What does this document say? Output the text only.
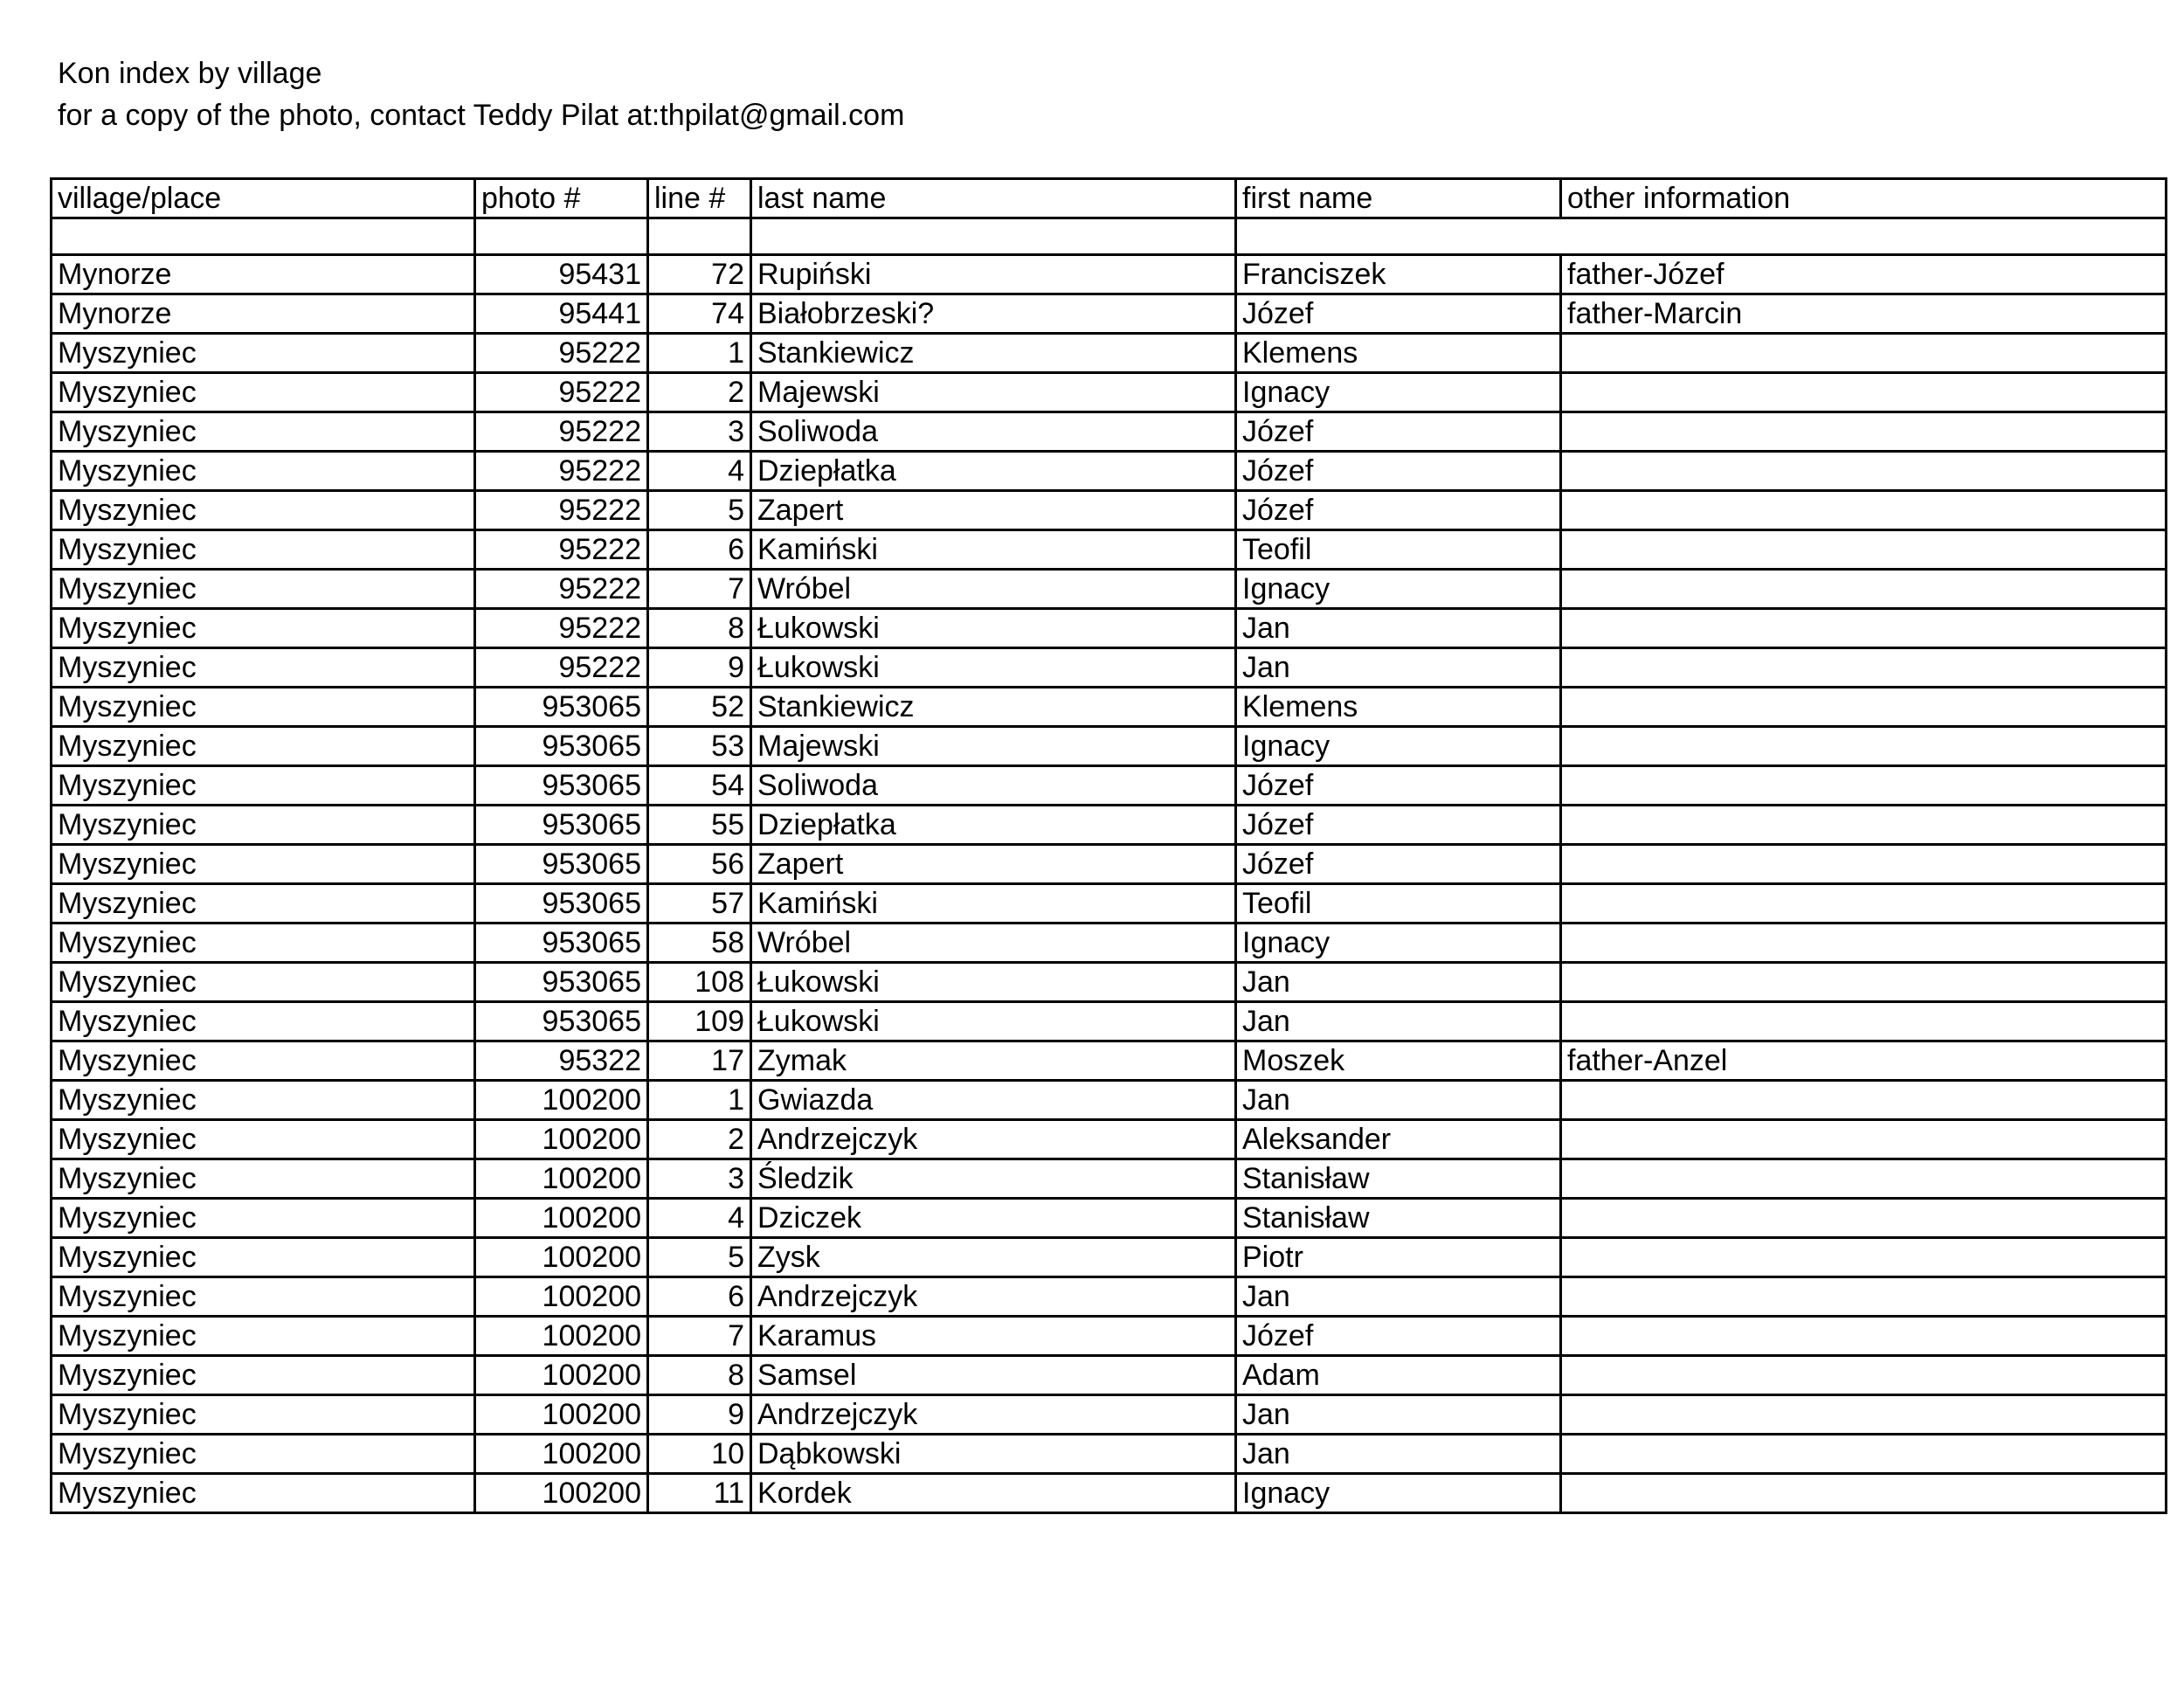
Kon index by village
for a copy of the photo, contact Teddy Pilat at:thpilat@gmail.com
village/place	photo #	line #	last name	first name	other information

Mynorze	95431	72	Rupiński	Franciszek	father-Józef
Mynorze	95441	74	Białobrzeski?	Józef	father-Marcin
Myszyniec	95222	1	Stankiewicz	Klemens	
Myszyniec	95222	2	Majewski	Ignacy	
Myszyniec	95222	3	Soliwoda	Józef	
Myszyniec	95222	4	Dziepłatka	Józef	
Myszyniec	95222	5	Zapert	Józef	
Myszyniec	95222	6	Kamiński	Teofil	
Myszyniec	95222	7	Wróbel	Ignacy	
Myszyniec	95222	8	Łukowski	Jan	
Myszyniec	95222	9	Łukowski	Jan	
Myszyniec	953065	52	Stankiewicz	Klemens	
Myszyniec	953065	53	Majewski	Ignacy	
Myszyniec	953065	54	Soliwoda	Józef	
Myszyniec	953065	55	Dziepłatka	Józef	
Myszyniec	953065	56	Zapert	Józef	
Myszyniec	953065	57	Kamiński	Teofil	
Myszyniec	953065	58	Wróbel	Ignacy	
Myszyniec	953065	108	Łukowski	Jan	
Myszyniec	953065	109	Łukowski	Jan	
Myszyniec	95322	17	Zymak	Moszek	father-Anzel
Myszyniec	100200	1	Gwiazda	Jan	
Myszyniec	100200	2	Andrzejczyk	Aleksander	
Myszyniec	100200	3	Śledzik	Stanisław	
Myszyniec	100200	4	Dziczek	Stanisław	
Myszyniec	100200	5	Zysk	Piotr	
Myszyniec	100200	6	Andrzejczyk	Jan	
Myszyniec	100200	7	Karamus	Józef	
Myszyniec	100200	8	Samsel	Adam	
Myszyniec	100200	9	Andrzejczyk	Jan	
Myszyniec	100200	10	Dąbkowski	Jan	
Myszyniec	100200	11	Kordek	Ignacy	
